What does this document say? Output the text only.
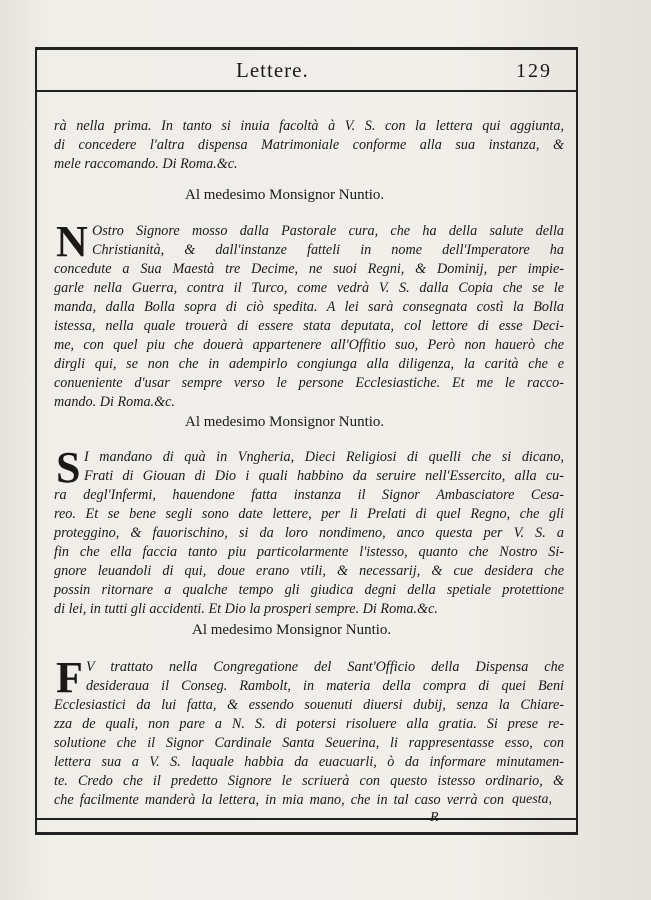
Lettere.	129
rà nella prima. In tanto si inuia facoltà à V. S. con la lettera qui aggiunta,
di concedere l'altra dispensa Matrimoniale conforme alla sua instanza, &
mele raccomando. Di Roma.&c.
Al medesimo Monsignor Nuntio.
N Ostro Signore mosso dalla Pastorale cura, che ha della salute della
Christianità, & dall'instanze fatteli in nome dell'Imperatore ha
concedute a Sua Maestà tre Decime, ne suoi Regni, & Dominij, per impie-
garle nella Guerra, contra il Turco, come vedrà V. S. dalla Copia che se le
manda, dalla Bolla sopra di ciò spedita. A lei sarà consegnata costì la Bolla
istessa, nella quale trouerà di essere stata deputata, col lettore di esse Deci-
me, con quel piu che douerà appartenere all'Offitio suo, Però non hauerò che
dirgli qui, se non che in adempirlo congiunga alla diligenza, la carità che e
conueniente d'usar sempre verso le persone Ecclesiastiche. Et me le racco-
mando. Di Roma.&c.
Al medesimo Monsignor Nuntio.
S I mandano di quà in Vngheria, Dieci Religiosi di quelli che si dicano,
Frati di Giouan di Dio i quali habbino da seruire nell'Essercito, alla cu-
ra degl'Infermi, hauendone fatta instanza il Signor Ambasciatore Cesa-
reo. Et se bene segli sono date lettere, per li Prelati di quel Regno, che gli
proteggino, & fauorischino, si da loro nondimeno, anco questa per V. S. a
fin che ella faccia tanto piu particolarmente l'istesso, quanto che Nostro Si-
gnore leuandoli di qui, doue erano vtili, & necessarij, & cue desidera che
possin ritornare a qualche tempo gli giudica degni della spetiale protettione
di lei, in tutti gli accidenti. Et Dio la prosperi sempre. Di Roma.&c.
Al medesimo Monsignor Nuntio.
F V trattato nella Congregatione del Sant'Officio della Dispensa che
desideraua il Conseg. Rambolt, in materia della compra di quei Beni
Ecclesiastici da lui fatta, & essendo souenuti diuersi dubij, senza la Chiare-
zza de quali, non pare a N. S. di potersi risoluere alla gratia. Si prese re-
solutione che il Signor Cardinale Santa Seuerina, li rappresentasse esso, con
lettera sua a V. S. laquale habbia da euacuarli, ò da informare minutamen-
te. Credo che il predetto Signore le scriuerà con questo istesso ordinario, &
che facilmente manderà la lettera, in mia mano, che in tal caso verrà con
R
questa,
